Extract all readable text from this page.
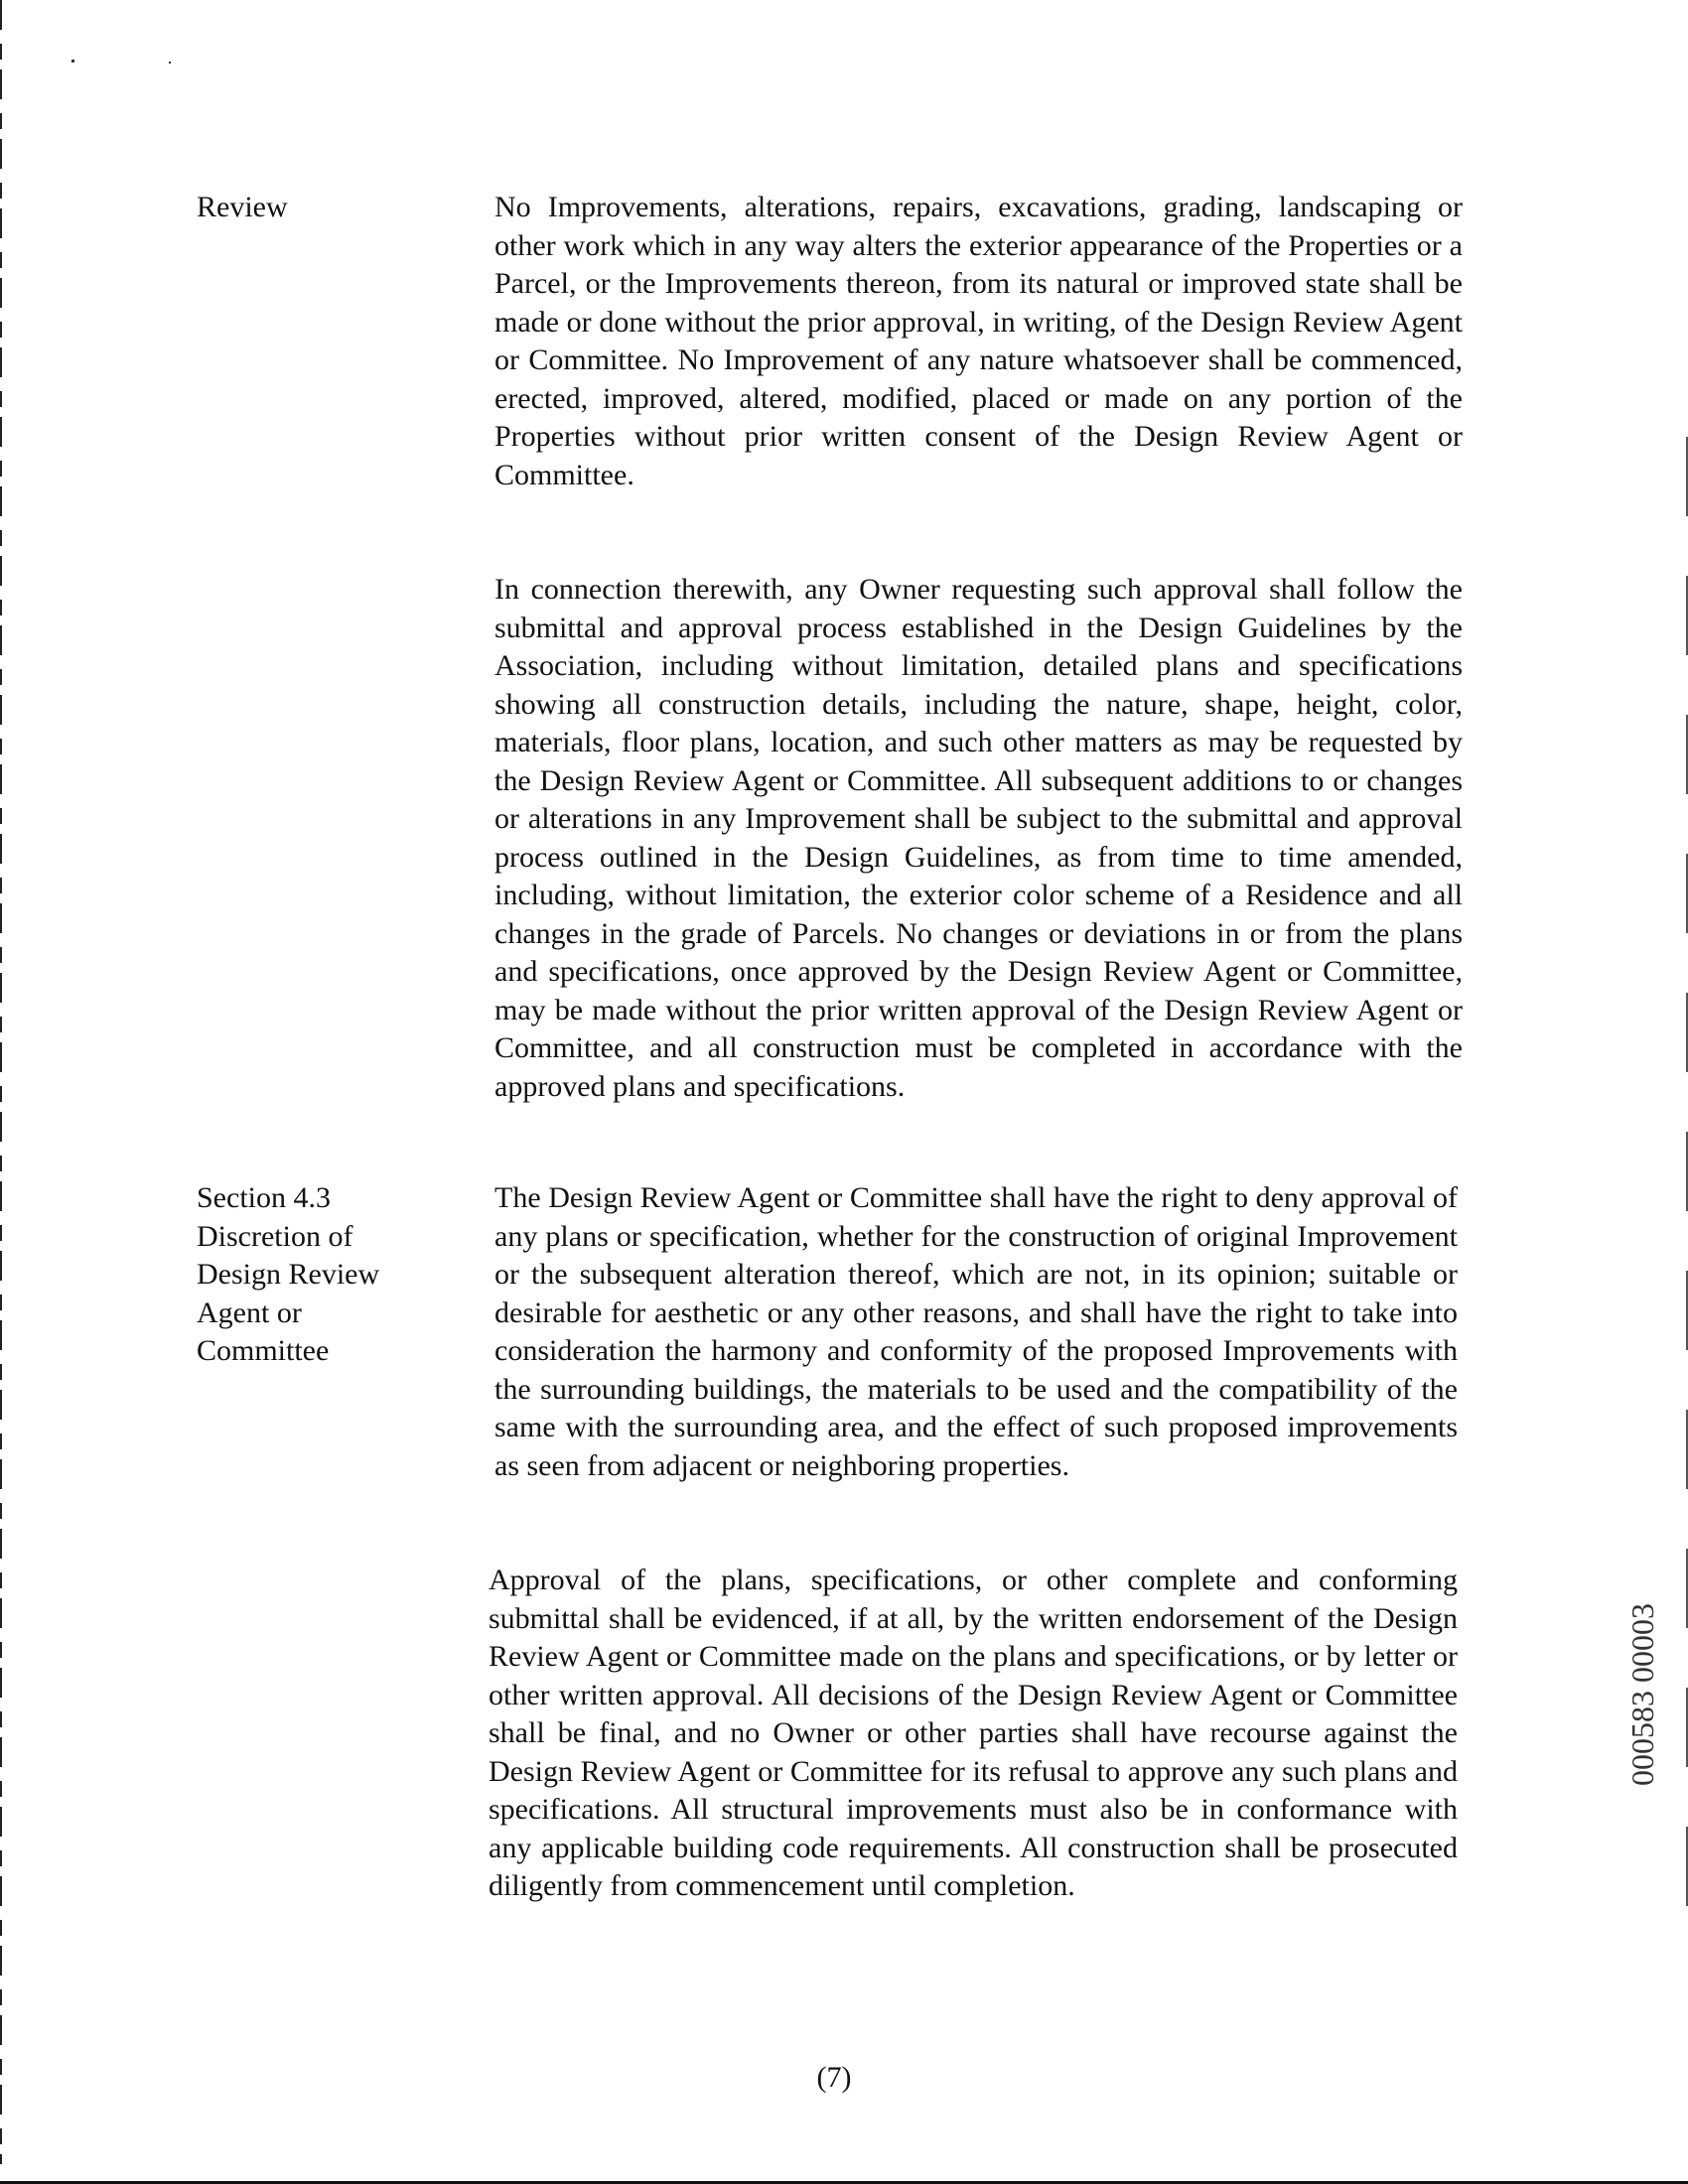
Review
Section 4.3
Discretion of
Design Review
Agent or
Committee
No Improvements, alterations, repairs, excavations, grading, landscaping or other work which in any way alters the exterior appearance of the Properties or a Parcel, or the Improvements thereon, from its natural or improved state shall be made or done without the prior approval, in writing, of the Design Review Agent or Committee. No Improvement of any nature whatsoever shall be commenced, erected, improved, altered, modified, placed or made on any portion of the Properties without prior written consent of the Design Review Agent or Committee.
In connection therewith, any Owner requesting such approval shall follow the submittal and approval process established in the Design Guidelines by the Association, including without limitation, detailed plans and specifications showing all construction details, including the nature, shape, height, color, materials, floor plans, location, and such other matters as may be requested by the Design Review Agent or Committee. All subsequent additions to or changes or alterations in any Improvement shall be subject to the submittal and approval process outlined in the Design Guidelines, as from time to time amended, including, without limitation, the exterior color scheme of a Residence and all changes in the grade of Parcels. No changes or deviations in or from the plans and specifications, once approved by the Design Review Agent or Committee, may be made without the prior written approval of the Design Review Agent or Committee, and all construction must be completed in accordance with the approved plans and specifications.
The Design Review Agent or Committee shall have the right to deny approval of any plans or specification, whether for the construction of original Improvement or the subsequent alteration thereof, which are not, in its opinion; suitable or desirable for aesthetic or any other reasons, and shall have the right to take into consideration the harmony and conformity of the proposed Improvements with the surrounding buildings, the materials to be used and the compatibility of the same with the surrounding area, and the effect of such proposed improvements as seen from adjacent or neighboring properties.
Approval of the plans, specifications, or other complete and conforming submittal shall be evidenced, if at all, by the written endorsement of the Design Review Agent or Committee made on the plans and specifications, or by letter or other written approval. All decisions of the Design Review Agent or Committee shall be final, and no Owner or other parties shall have recourse against the Design Review Agent or Committee for its refusal to approve any such plans and specifications. All structural improvements must also be in conformance with any applicable building code requirements. All construction shall be prosecuted diligently from commencement until completion.
(7)
000583 00003
